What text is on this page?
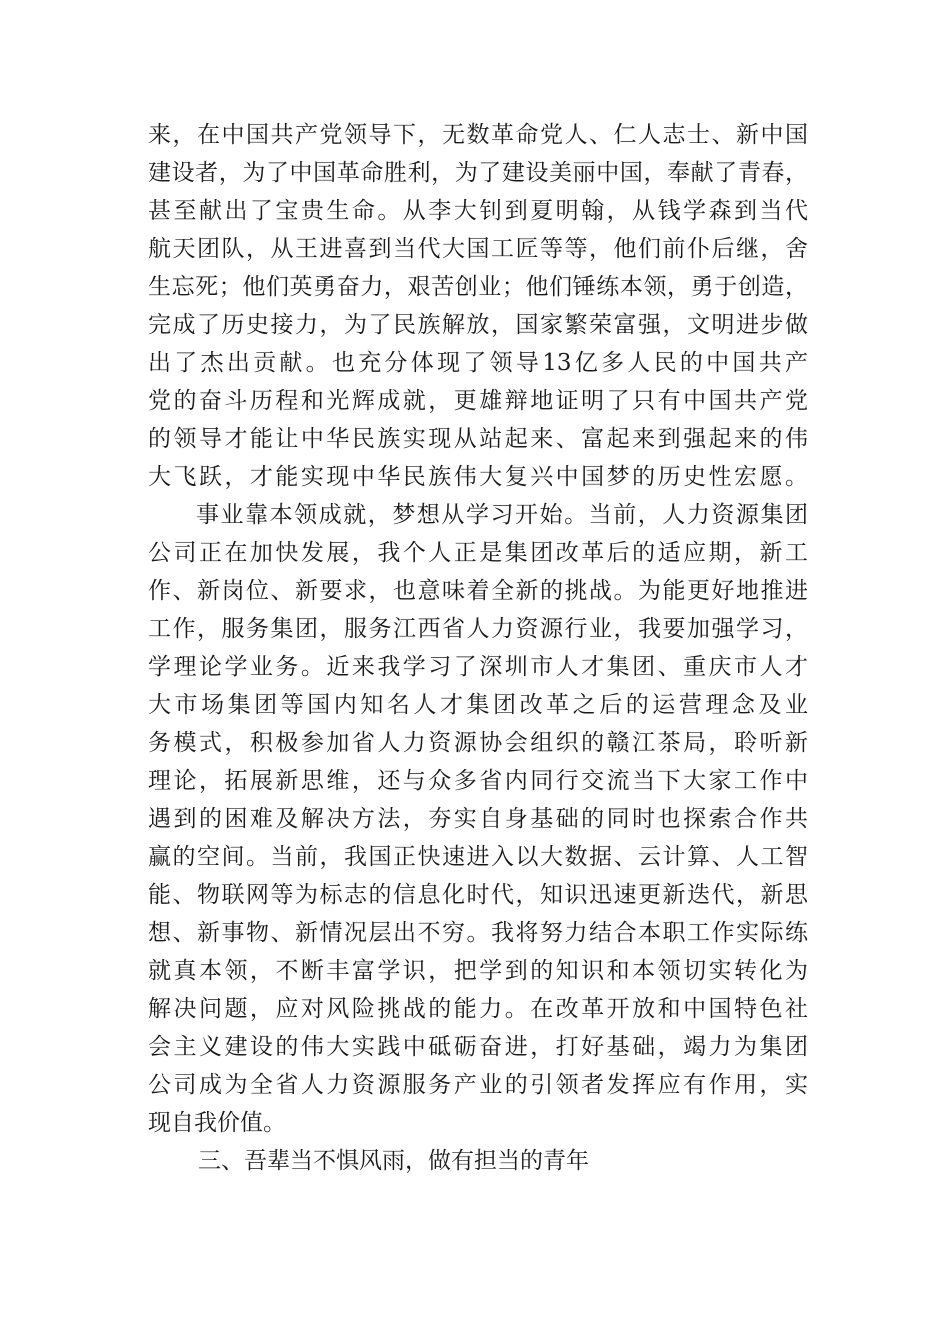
来，在中国共产党领导下，无数革命党人、仁人志士、新中国
建设者，为了中国革命胜利，为了建设美丽中国，奉献了青春，
甚至献出了宝贵生命。从李大钊到夏明翰，从钱学森到当代
航天团队，从王进喜到当代大国工匠等等，他们前仆后继，舍
生忘死；他们英勇奋力，艰苦创业；他们锤练本领，勇于创造，
完成了历史接力，为了民族解放，国家繁荣富强，文明进步做
出了杰出贡献。也充分体现了领导13亿多人民的中国共产
党的奋斗历程和光辉成就，更雄辩地证明了只有中国共产党
的领导才能让中华民族实现从站起来、富起来到强起来的伟
大飞跃，才能实现中华民族伟大复兴中国梦的历史性宏愿。
事业靠本领成就，梦想从学习开始。当前，人力资源集团
公司正在加快发展，我个人正是集团改革后的适应期，新工
作、新岗位、新要求，也意味着全新的挑战。为能更好地推进
工作，服务集团，服务江西省人力资源行业，我要加强学习，
学理论学业务。近来我学习了深圳市人才集团、重庆市人才
大市场集团等国内知名人才集团改革之后的运营理念及业
务模式，积极参加省人力资源协会组织的赣江茶局，聆听新
理论，拓展新思维，还与众多省内同行交流当下大家工作中
遇到的困难及解决方法，夯实自身基础的同时也探索合作共
赢的空间。当前，我国正快速进入以大数据、云计算、人工智
能、物联网等为标志的信息化时代，知识迅速更新迭代，新思
想、新事物、新情况层出不穷。我将努力结合本职工作实际练
就真本领，不断丰富学识，把学到的知识和本领切实转化为
解决问题，应对风险挑战的能力。在改革开放和中国特色社
会主义建设的伟大实践中砥砺奋进，打好基础，竭力为集团
公司成为全省人力资源服务产业的引领者发挥应有作用，实
现自我价值。
三、吾辈当不惧风雨，做有担当的青年
